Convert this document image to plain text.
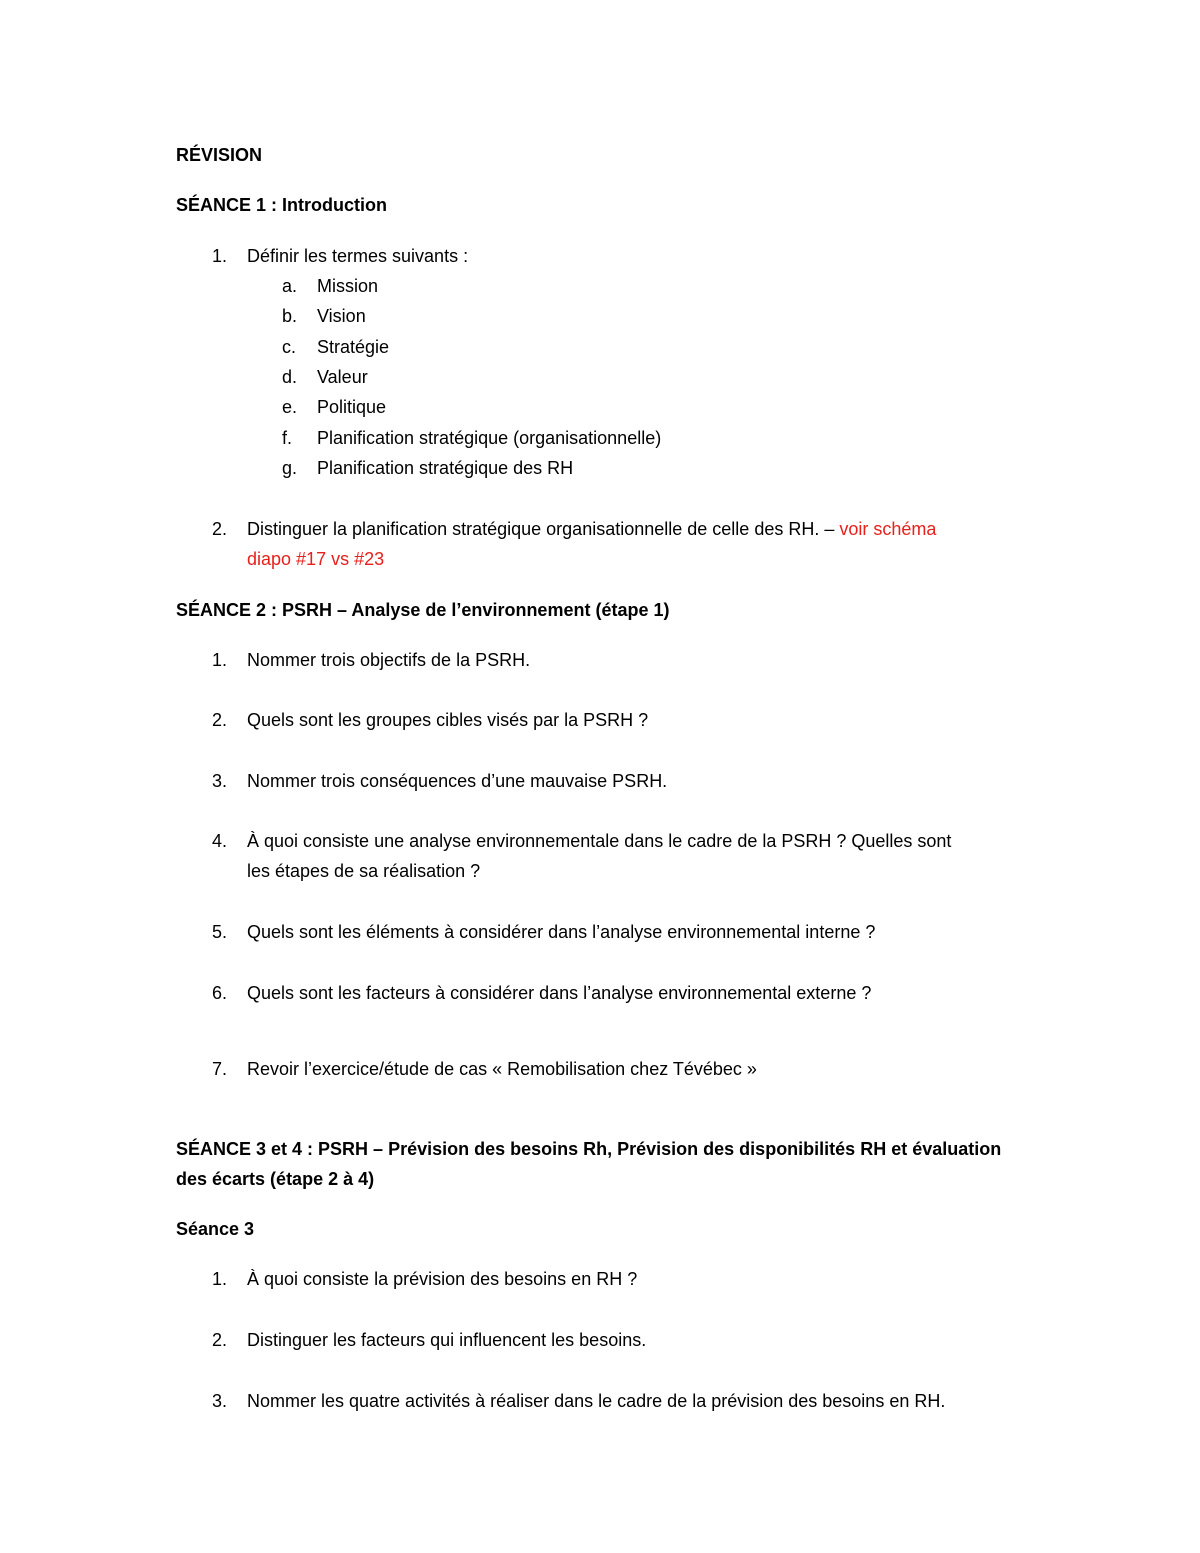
RÉVISION
SÉANCE 1 : Introduction
1. Définir les termes suivants :
a. Mission
b. Vision
c. Stratégie
d. Valeur
e. Politique
f. Planification stratégique (organisationnelle)
g. Planification stratégique des RH
2. Distinguer la planification stratégique organisationnelle de celle des RH. – voir schéma
diapo #17 vs #23
SÉANCE 2 : PSRH – Analyse de l’environnement (étape 1)
1. Nommer trois objectifs de la PSRH.
2. Quels sont les groupes cibles visés par la PSRH ?
3. Nommer trois conséquences d’une mauvaise PSRH.
4. À quoi consiste une analyse environnementale dans le cadre de la PSRH ? Quelles sont
les étapes de sa réalisation ?
5. Quels sont les éléments à considérer dans l’analyse environnemental interne ?
6. Quels sont les facteurs à considérer dans l’analyse environnemental externe ?
7. Revoir l’exercice/étude de cas « Remobilisation chez Tévébec »
SÉANCE 3 et 4 : PSRH – Prévision des besoins Rh, Prévision des disponibilités RH et évaluation
des écarts (étape 2 à 4)
Séance 3
1. À quoi consiste la prévision des besoins en RH ?
2. Distinguer les facteurs qui influencent les besoins.
3. Nommer les quatre activités à réaliser dans le cadre de la prévision des besoins en RH.
